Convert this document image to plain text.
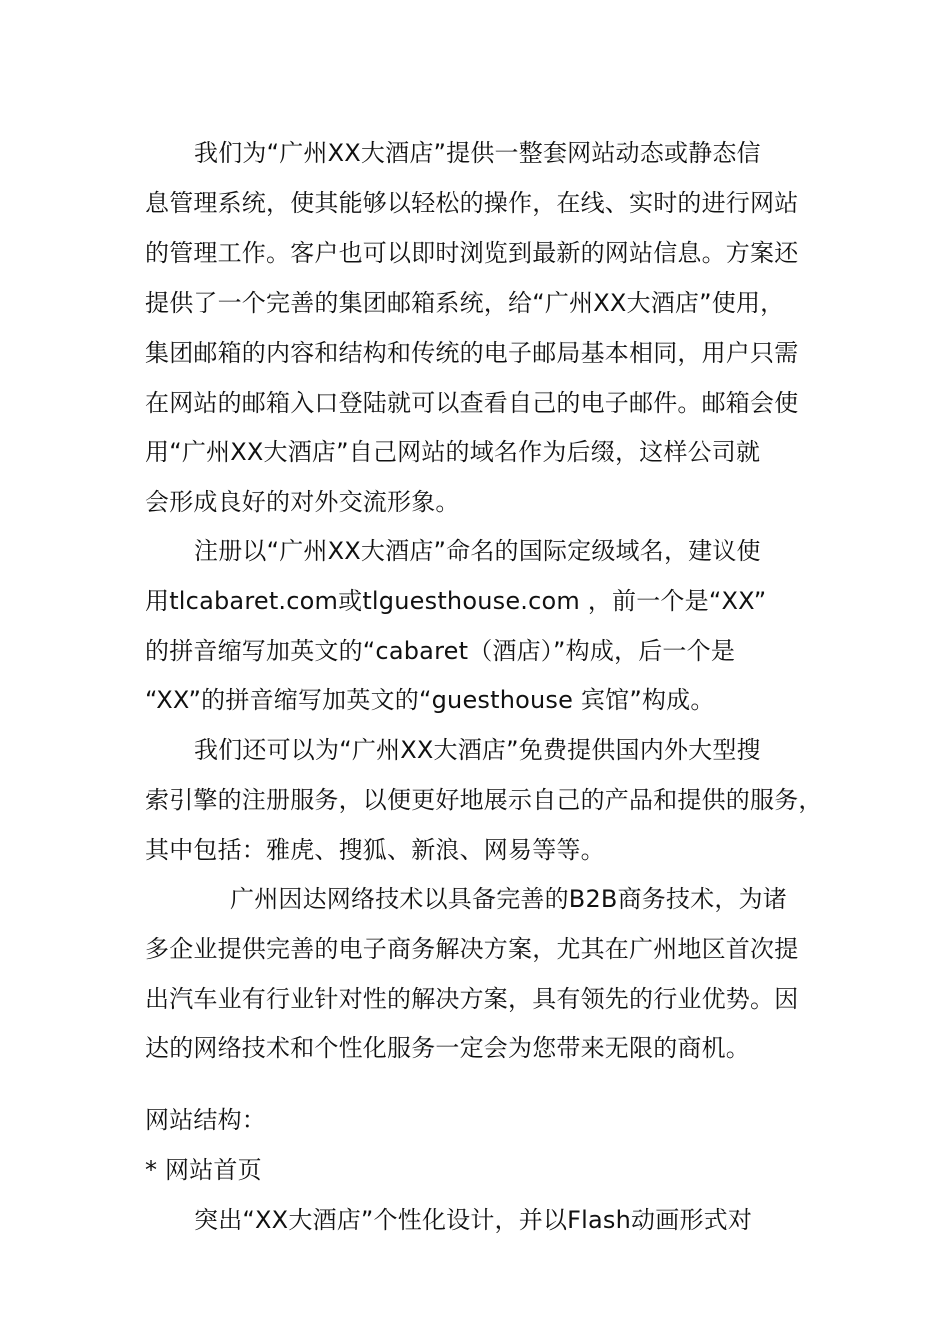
我们为“广州XX大酒店”提供一整套网站动态或静态信
息管理系统，使其能够以轻松的操作，在线、实时的进行网站
的管理工作。客户也可以即时浏览到最新的网站信息。方案还
提供了一个完善的集团邮箱系统，给“广州XX大酒店”使用，
集团邮箱的内容和结构和传统的电子邮局基本相同，用户只需
在网站的邮箱入口登陆就可以查看自己的电子邮件。邮箱会使
用“广州XX大酒店”自己网站的域名作为后缀，这样公司就
会形成良好的对外交流形象。
注册以“广州XX大酒店”命名的国际定级域名，建议使
用tlcabaret.com或tlguesthouse.com ，前一个是“XX”
的拼音缩写加英文的“cabaret（酒店）”构成，后一个是
“XX”的拼音缩写加英文的“guesthouse 宾馆”构成。
我们还可以为“广州XX大酒店”免费提供国内外大型搜
索引擎的注册服务，以便更好地展示自己的产品和提供的服务，
其中包括：雅虎、搜狐、新浪、网易等等。
广州因达网络技术以具备完善的B2B商务技术，为诸
多企业提供完善的电子商务解决方案，尤其在广州地区首次提
出汽车业有行业针对性的解决方案，具有领先的行业优势。因
达的网络技术和个性化服务一定会为您带来无限的商机。
网站结构：
* 网站首页
突出“XX大酒店”个性化设计，并以Flash动画形式对
